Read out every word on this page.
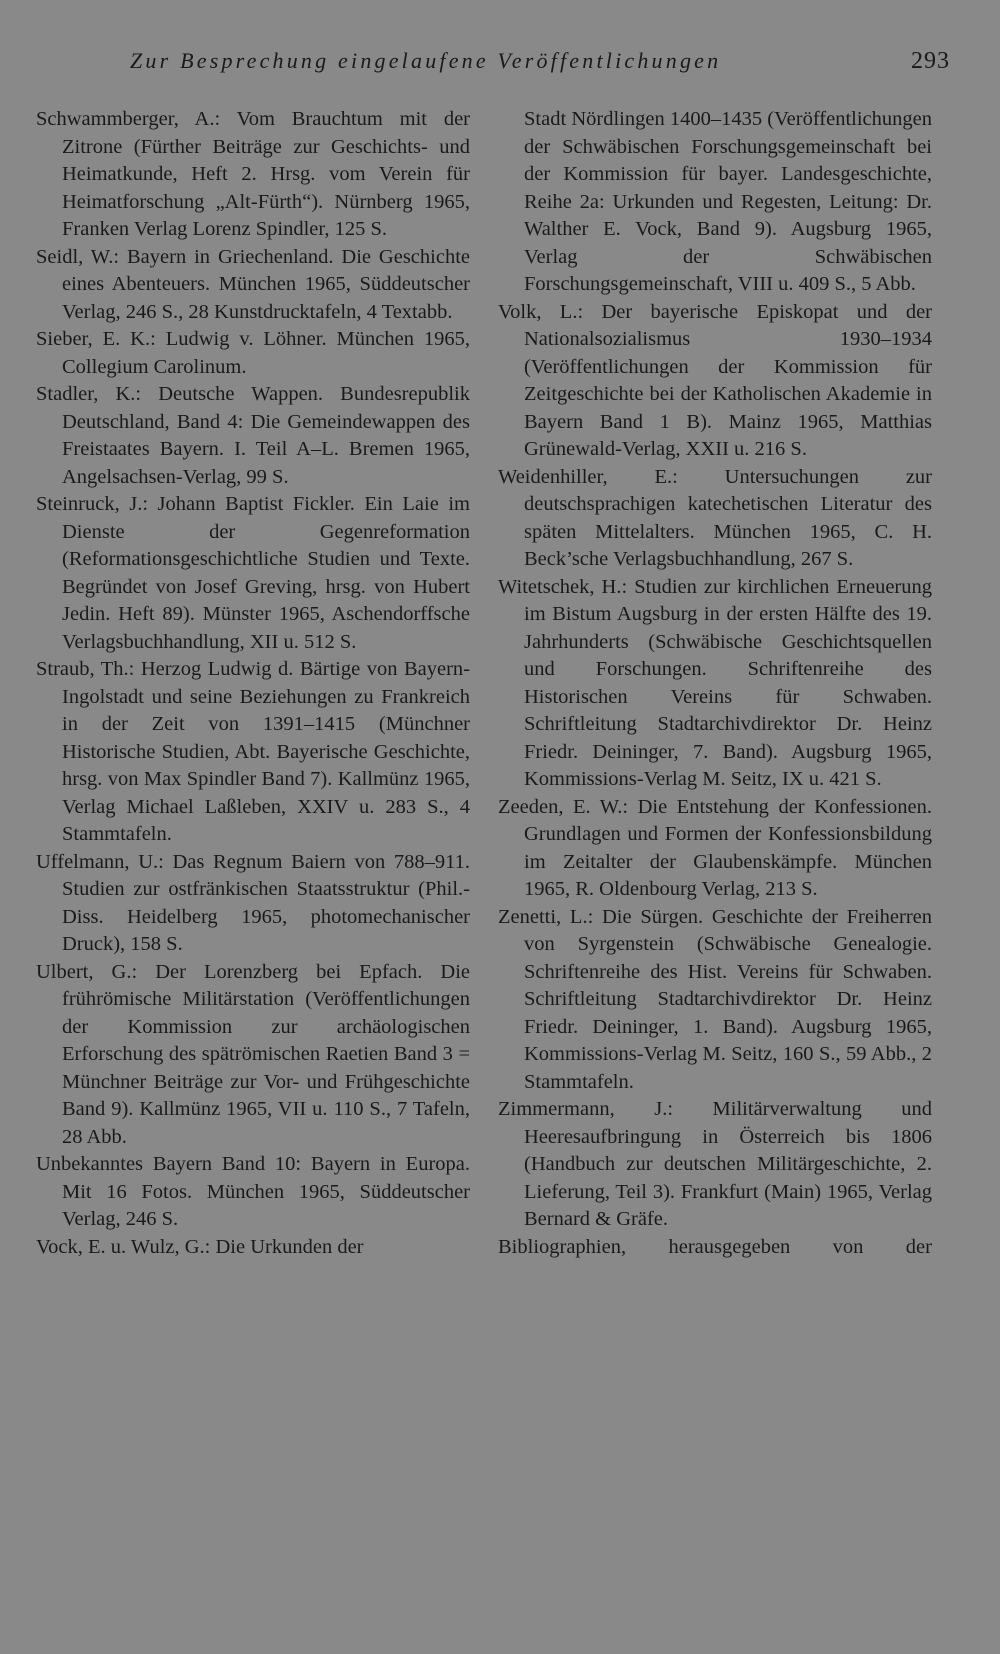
Zur Besprechung eingelaufene Veröffentlichungen	293

Schwammberger, A.: Vom Brauchtum mit der Zitrone (Fürther Beiträge zur Geschichts- und Heimatkunde, Heft 2. Hrsg. vom Verein für Heimatforschung „Alt-Fürth“). Nürnberg 1965, Franken Verlag Lorenz Spindler, 125 S.

Seidl, W.: Bayern in Griechenland. Die Geschichte eines Abenteuers. München 1965, Süddeutscher Verlag, 246 S., 28 Kunstdrucktafeln, 4 Textabb.

Sieber, E. K.: Ludwig v. Löhner. München 1965, Collegium Carolinum.

Stadler, K.: Deutsche Wappen. Bundesrepublik Deutschland, Band 4: Die Gemeindewappen des Freistaates Bayern. I. Teil A–L. Bremen 1965, Angelsachsen-Verlag, 99 S.

Steinruck, J.: Johann Baptist Fickler. Ein Laie im Dienste der Gegenreformation (Reformationsgeschichtliche Studien und Texte. Begründet von Josef Greving, hrsg. von Hubert Jedin. Heft 89). Münster 1965, Aschendorffsche Verlagsbuchhandlung, XII u. 512 S.

Straub, Th.: Herzog Ludwig d. Bärtige von Bayern-Ingolstadt und seine Beziehungen zu Frankreich in der Zeit von 1391–1415 (Münchner Historische Studien, Abt. Bayerische Geschichte, hrsg. von Max Spindler Band 7). Kallmünz 1965, Verlag Michael Laßleben, XXIV u. 283 S., 4 Stammtafeln.

Uffelmann, U.: Das Regnum Baiern von 788–911. Studien zur ostfränkischen Staatsstruktur (Phil.-Diss. Heidelberg 1965, photomechanischer Druck), 158 S.

Ulbert, G.: Der Lorenzberg bei Epfach. Die frührömische Militärstation (Veröffentlichungen der Kommission zur archäologischen Erforschung des spätrömischen Raetien Band 3 = Münchner Beiträge zur Vor- und Frühgeschichte Band 9). Kallmünz 1965, VII u. 110 S., 7 Tafeln, 28 Abb.

Unbekanntes Bayern Band 10: Bayern in Europa. Mit 16 Fotos. München 1965, Süddeutscher Verlag, 246 S.

Vock, E. u. Wulz, G.: Die Urkunden der

Stadt Nördlingen 1400–1435 (Veröffentlichungen der Schwäbischen Forschungsgemeinschaft bei der Kommission für bayer. Landesgeschichte, Reihe 2a: Urkunden und Regesten, Leitung: Dr. Walther E. Vock, Band 9). Augsburg 1965, Verlag der Schwäbischen Forschungsgemeinschaft, VIII u. 409 S., 5 Abb.

Volk, L.: Der bayerische Episkopat und der Nationalsozialismus 1930–1934 (Veröffentlichungen der Kommission für Zeitgeschichte bei der Katholischen Akademie in Bayern Band 1 B). Mainz 1965, Matthias Grünewald-Verlag, XXII u. 216 S.

Weidenhiller, E.: Untersuchungen zur deutschsprachigen katechetischen Literatur des späten Mittelalters. München 1965, C. H. Beck’sche Verlagsbuchhandlung, 267 S.

Witetschek, H.: Studien zur kirchlichen Erneuerung im Bistum Augsburg in der ersten Hälfte des 19. Jahrhunderts (Schwäbische Geschichtsquellen und Forschungen. Schriftenreihe des Historischen Vereins für Schwaben. Schriftleitung Stadtarchivdirektor Dr. Heinz Friedr. Deininger, 7. Band). Augsburg 1965, Kommissions-Verlag M. Seitz, IX u. 421 S.

Zeeden, E. W.: Die Entstehung der Konfessionen. Grundlagen und Formen der Konfessionsbildung im Zeitalter der Glaubenskämpfe. München 1965, R. Oldenbourg Verlag, 213 S.

Zenetti, L.: Die Sürgen. Geschichte der Freiherren von Syrgenstein (Schwäbische Genealogie. Schriftenreihe des Hist. Vereins für Schwaben. Schriftleitung Stadtarchivdirektor Dr. Heinz Friedr. Deininger, 1. Band). Augsburg 1965, Kommissions-Verlag M. Seitz, 160 S., 59 Abb., 2 Stammtafeln.

Zimmermann, J.: Militärverwaltung und Heeresaufbringung in Österreich bis 1806 (Handbuch zur deutschen Militärgeschichte, 2. Lieferung, Teil 3). Frankfurt (Main) 1965, Verlag Bernard & Gräfe.

Bibliographien, herausgegeben von der
